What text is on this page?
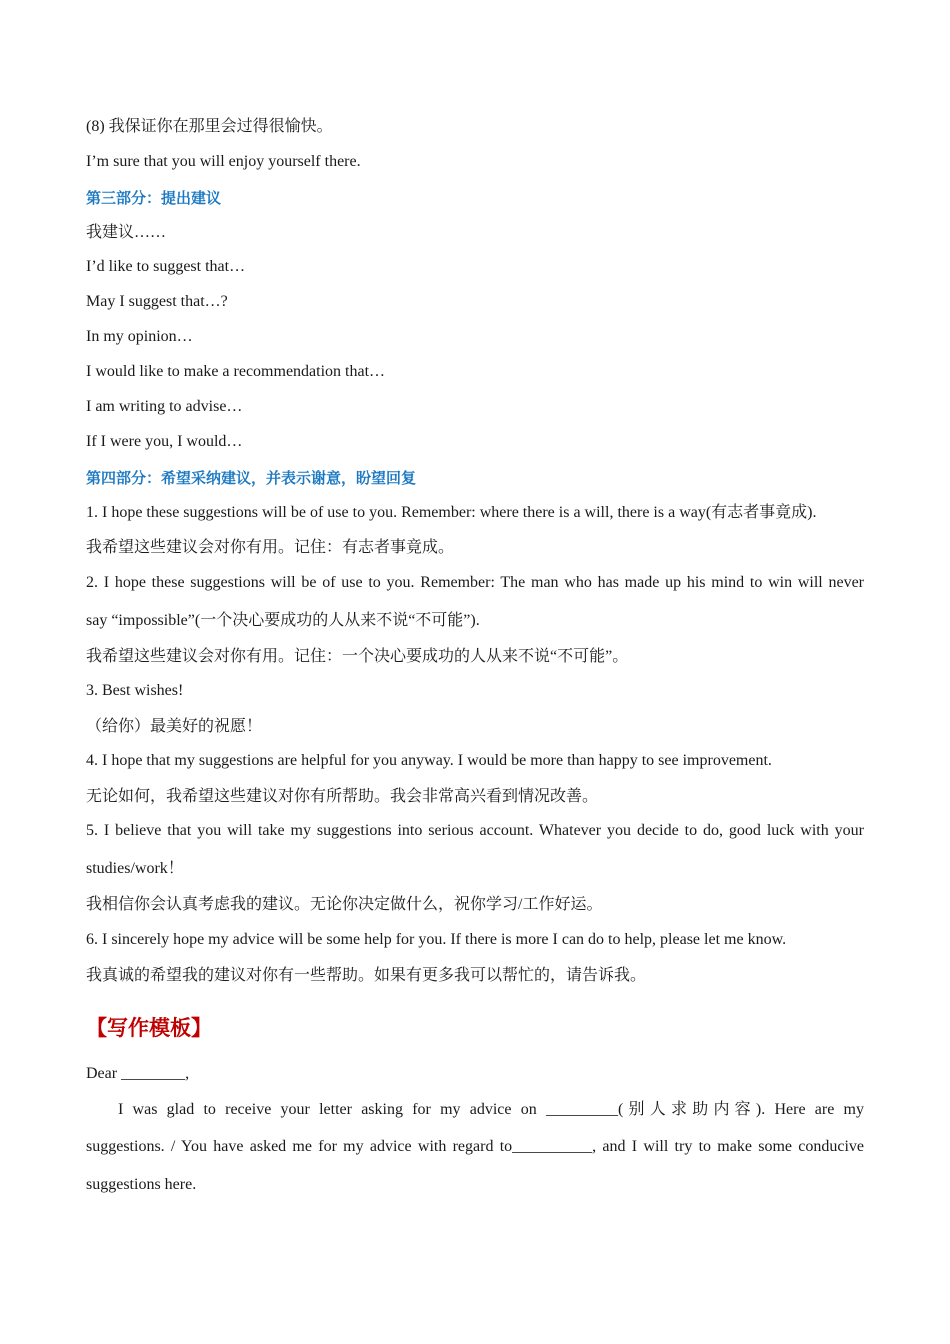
(8) 我保证你在那里会过得很愉快。
I’m sure that you will enjoy yourself there.
第三部分：提出建议
我建议……
I’d like to suggest that…
May I suggest that…?
In my opinion…
I would like to make a recommendation that…
I am writing to advise…
If I were you, I would…
第四部分：希望采纳建议，并表示谢意，盼望回复
1. I hope these suggestions will be of use to you. Remember: where there is a will, there is a way(有志者事竟成).
我希望这些建议会对你有用。记住：有志者事竟成。
2. I hope these suggestions will be of use to you. Remember: The man who has made up his mind to win will never
say “impossible”(一个决心要成功的人从来不说“不可能”).
我希望这些建议会对你有用。记住：一个决心要成功的人从来不说“不可能”。
3. Best wishes!
（给你）最美好的祝愿！
4. I hope that my suggestions are helpful for you anyway. I would be more than happy to see improvement.
无论如何，我希望这些建议对你有所帮助。我会非常高兴看到情况改善。
5. I believe that you will take my suggestions into serious account. Whatever you decide to do, good luck with your
studies/work！
我相信你会认真考虑我的建议。无论你决定做什么，祝你学习/工作好运。
6. I sincerely hope my advice will be some help for you. If there is more I can do to help, please let me know.
我真诚的希望我的建议对你有一些帮助。如果有更多我可以帮忙的，请告诉我。
【写作模板】
Dear ________,
I was glad to receive your letter asking for my advice on _________(别人求助内容). Here are my
suggestions. / You have asked me for my advice with regard to__________, and I will try to make some conducive
suggestions here.
